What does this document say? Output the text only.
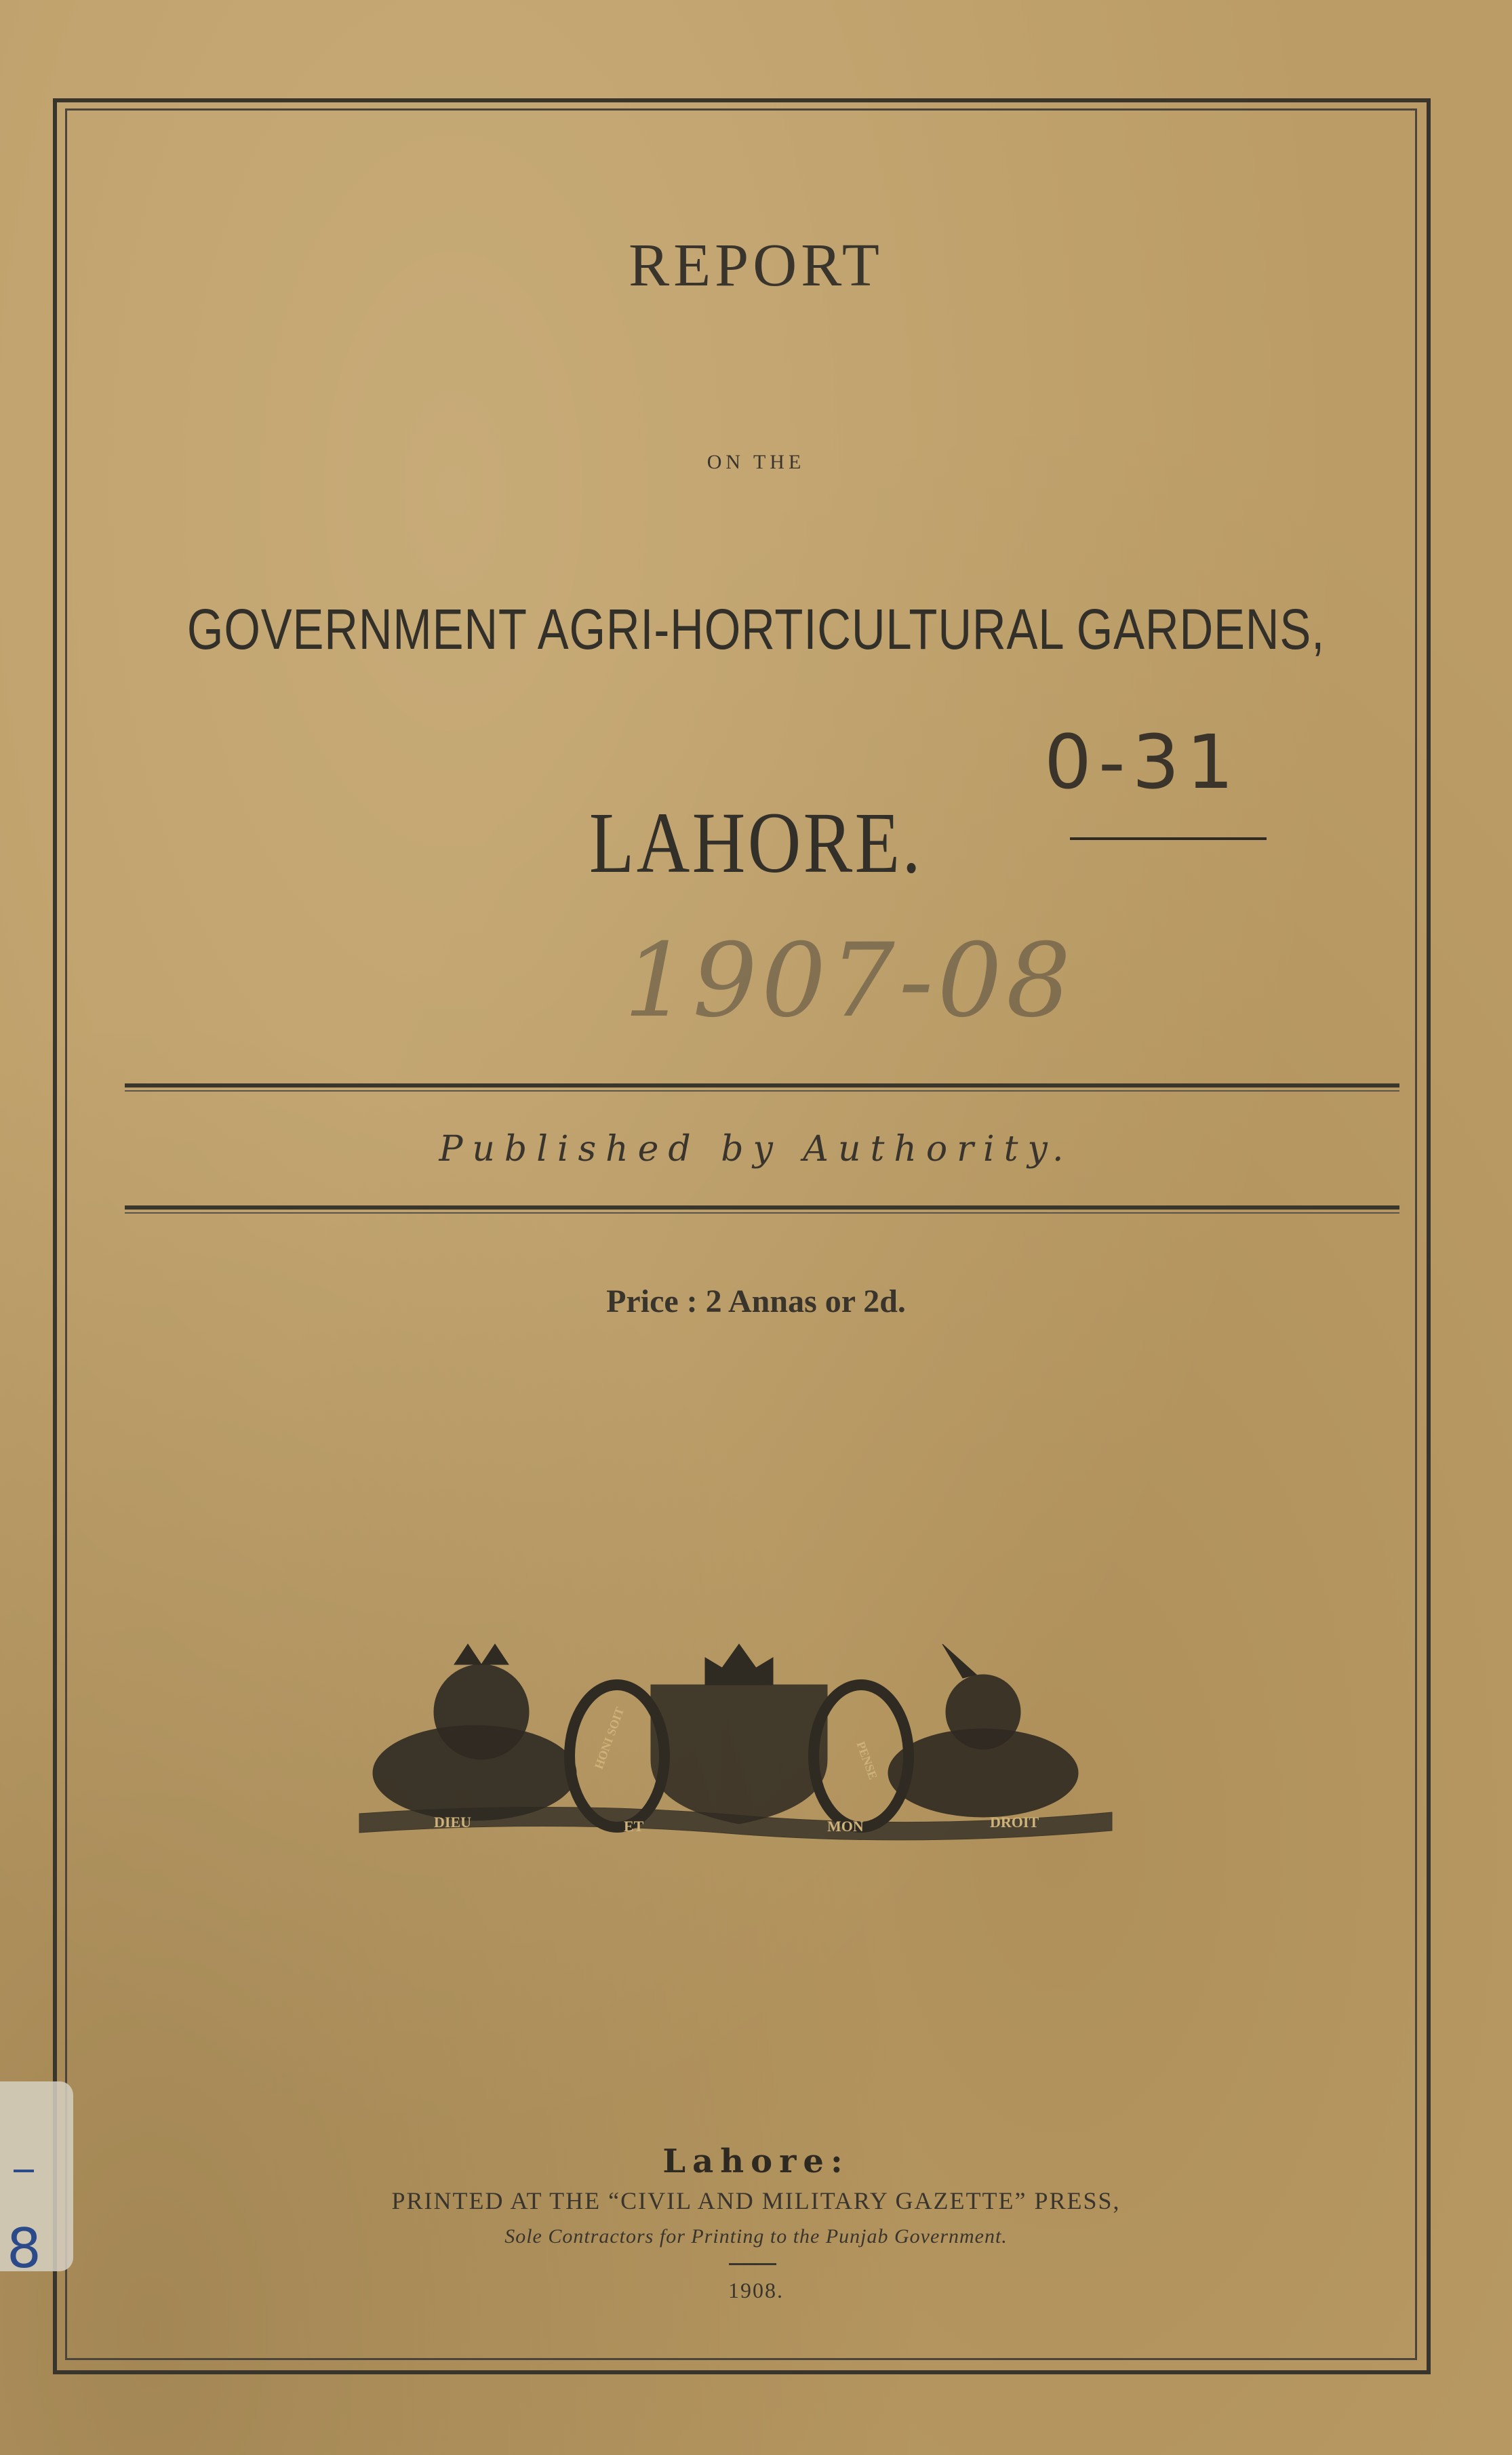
REPORT
ON THE
GOVERNMENT AGRI-HORTICULTURAL GARDENS,
LAHORE.
0-31
1907-08
Published by Authority.
Price : 2 Annas or 2d.
DIEU	ET	MON	DROIT
HONI SOIT	PENSE
Lahore:
PRINTED AT THE “CIVIL AND MILITARY GAZETTE” PRESS,
Sole Contractors for Printing to the Punjab Government.
1908.
8
